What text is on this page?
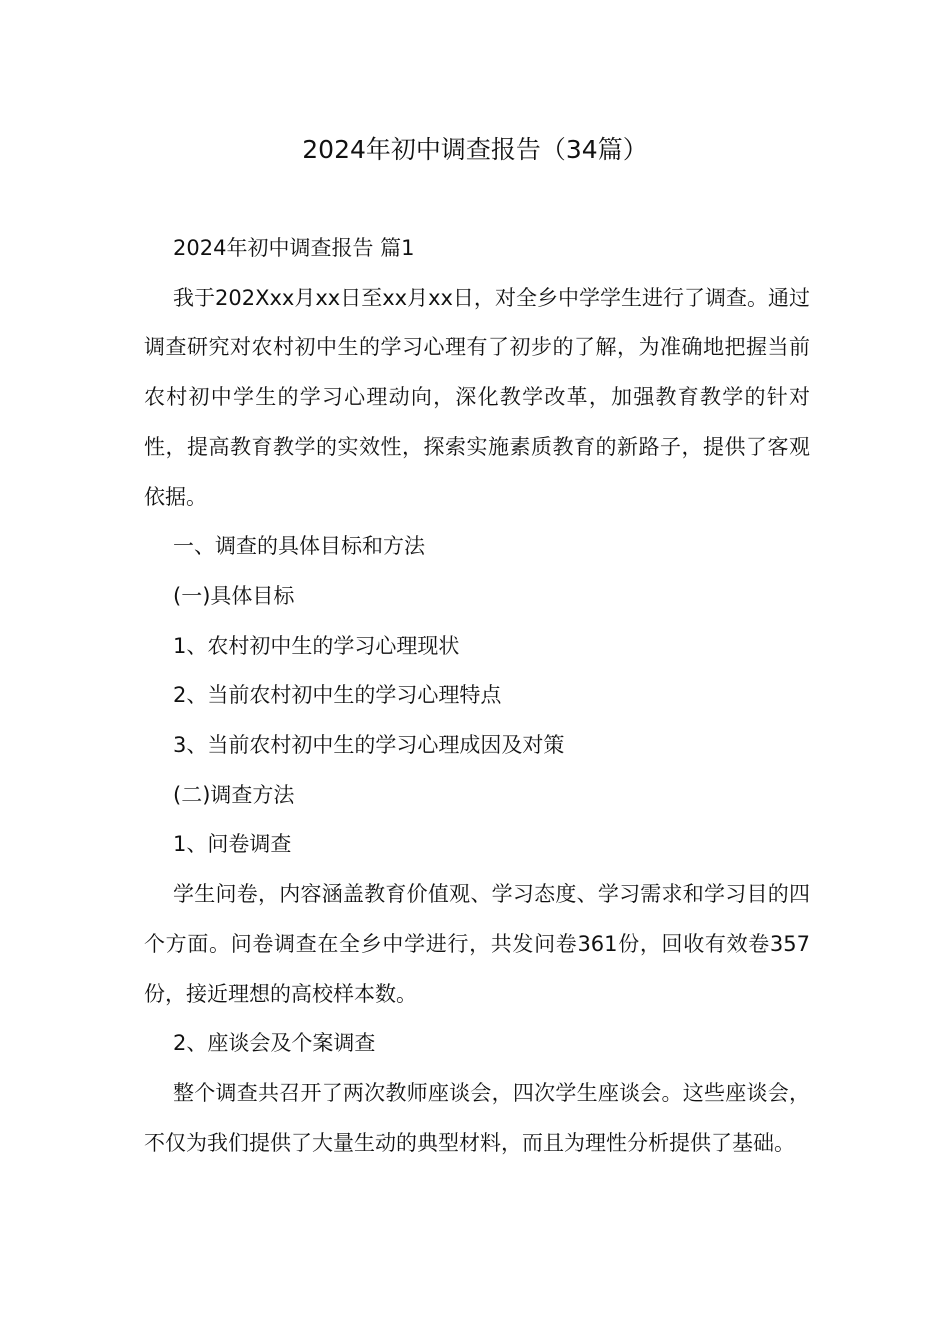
2024年初中调查报告（34篇）

2024年初中调查报告 篇1

我于202Xxx月xx日至xx月xx日，对全乡中学学生进行了调查。通过调查研究对农村初中生的学习心理有了初步的了解，为准确地把握当前农村初中学生的学习心理动向，深化教学改革，加强教育教学的针对性，提高教育教学的实效性，探索实施素质教育的新路子，提供了客观依据。

一、调查的具体目标和方法

(一)具体目标

1、农村初中生的学习心理现状

2、当前农村初中生的学习心理特点

3、当前农村初中生的学习心理成因及对策

(二)调查方法

1、问卷调查

学生问卷，内容涵盖教育价值观、学习态度、学习需求和学习目的四个方面。问卷调查在全乡中学进行，共发问卷361份，回收有效卷357份，接近理想的高校样本数。

2、座谈会及个案调查

整个调查共召开了两次教师座谈会，四次学生座谈会。这些座谈会，不仅为我们提供了大量生动的典型材料，而且为理性分析提供了基础。
